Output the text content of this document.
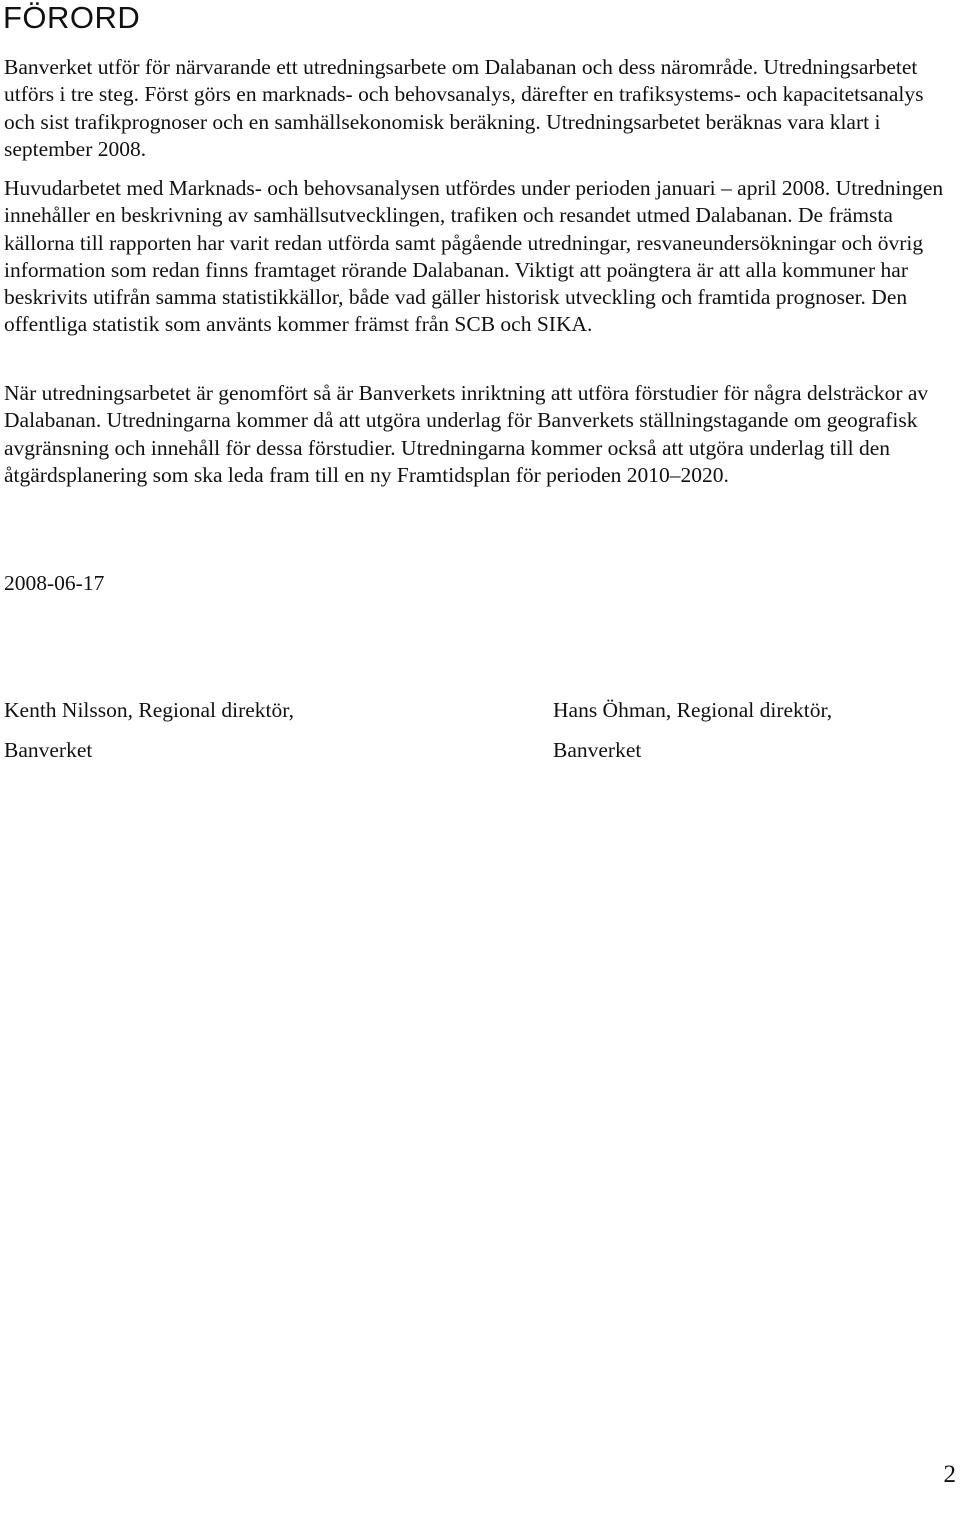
FÖRORD

Banverket utför för närvarande ett utredningsarbete om Dalabanan och dess närområde. Utredningsarbetet utförs i tre steg. Först görs en marknads- och behovsanalys, därefter en trafiksystems- och kapacitetsanalys och sist trafikprognoser och en samhällsekonomisk beräkning. Utredningsarbetet beräknas vara klart i september 2008.

Huvudarbetet med Marknads- och behovsanalysen utfördes under perioden januari – april 2008. Utredningen innehåller en beskrivning av samhällsutvecklingen, trafiken och resandet utmed Dalabanan. De främsta källorna till rapporten har varit redan utförda samt pågående utredningar, resvaneundersökningar och övrig information som redan finns framtaget rörande Dalabanan. Viktigt att poängtera är att alla kommuner har beskrivits utifrån samma statistikkällor, både vad gäller historisk utveckling och framtida prognoser. Den offentliga statistik som använts kommer främst från SCB och SIKA.

När utredningsarbetet är genomfört så är Banverkets inriktning att utföra förstudier för några delsträckor av Dalabanan. Utredningarna kommer då att utgöra underlag för Banverkets ställningstagande om geografisk avgränsning och innehåll för dessa förstudier. Utredningarna kommer också att utgöra underlag till den åtgärdsplanering som ska leda fram till en ny Framtidsplan för perioden 2010–2020.

2008-06-17

Kenth Nilsson, Regional direktör,
Banverket
Hans Öhman, Regional direktör,
Banverket
2
